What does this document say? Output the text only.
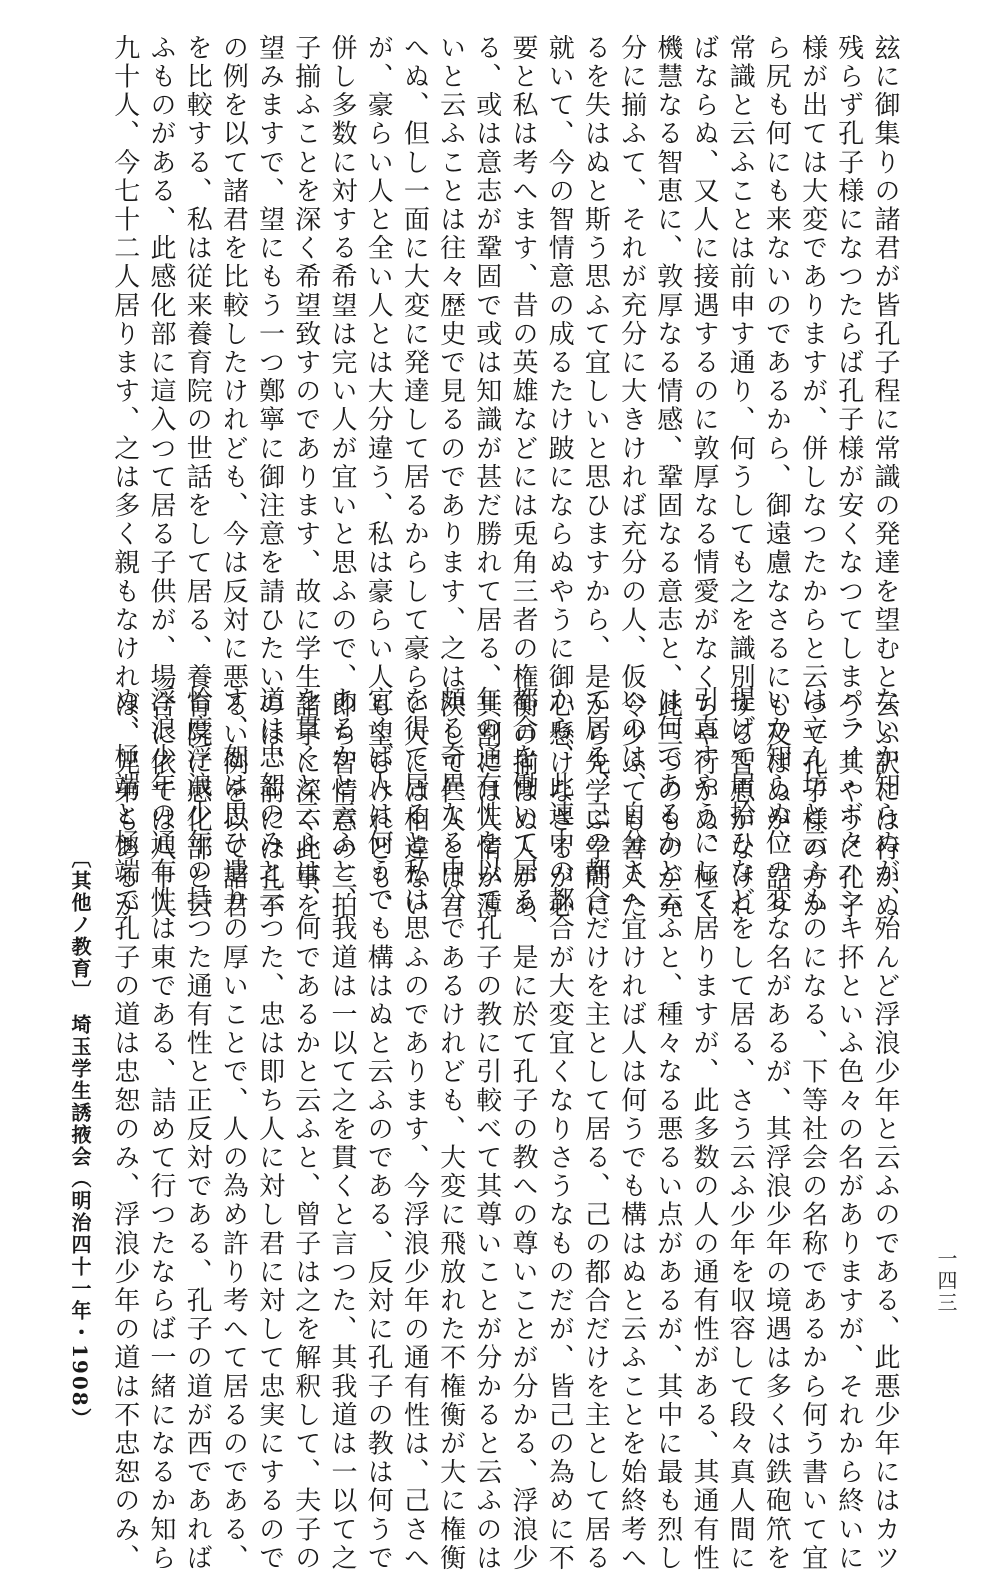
玆に御集りの諸君が皆孔子程に常識の発達を望むと云ふ訳には行かぬ
残らず孔子様になつたらば孔子様が安くなつてしまう、其やうに孔子
様が出ては大変でありますが、併しなつたからと云つて孔子様の方か
ら尻も何にも来ないのであるから、御遠慮なさるにも及ばぬが、詰り
常識と云ふことは前申す通り、何うしても之を識別する智恵がなけれ
ばならぬ、又人に接遇するのに敦厚なる情愛がなくちや行かぬ、極く
機慧なる智恵に、敦厚なる情感、鞏固なる意志と、此三つのものが充
分に揃ふて、それが充分に大きければ充分の人、仮令少ふても善人た
るを失はぬと斯う思ふて宜しいと思ひますから、是から先学ぶ学問に
就いて、今の智情意の成るたけ跛にならぬやうに御心懸けなさるが必
要と私は考へます、昔の英雄などには兎角三者の権衡の揃はぬ人があ
る、或は意志が鞏固で或は知識が甚だ勝れて居る、其割には人情が薄
いと云ふことは往々歴史で見るのであります、之は決して仁人とは言
へぬ、但し一面に大変に発達して居るからして豪らい人には相違ない
が、豪らい人と全い人とは大分違う、私は豪らい人も望むけれども、
併し多数に対する希望は完い人が宜いと思ふので、即ち智情意の三拍
子揃ふことを深く希望致すのであります、故に学生諸子に深く此事を
望みますで、望にもう一つ鄭寧に御注意を請ひたいのは、前には孔子
の例を以て諸君を比較したけれども、今は反対に悪るい例を以て諸君
を比較する、私は従来養育院の世話をして居る、養育院に感化部と云
ふものがある、此感化部に這入つて居る子供が、場合に依ては八十人
九十人、今七十二人居ります、之は多く親もなければ、兄弟もあるか
ないか知らぬが、殆んど浮浪少年と云ふのである、此悪少年にはカツ
パライ・ボタハシキ抔といふ色々の名がありますが、それから終いに
は立ん坊と云ふものになる、下等社会の名称であるから何う書いて宜
いか知らぬ位の変な名があるが、其浮浪少年の境遇は多くは鉄砲笊を
提げて屑拾ひなどをして居る、さう云ふ少年を収容して段々真人間に
引直すやうにして居りますが、此多数の人の通有性がある、其通有性
は何であるかと云ふと、種々なる悪るい点があるが、其中に最も烈し
いのは、自分さへ宜ければ人は何うでも構はぬと云ふことを始終考へ
て居る、己の都合だけを主として居る、己の都合だけを主として居る
から、此連中の都合が大変宜くなりさうなものだが、皆己の為めに不
都合を働いて居る、是に於て孔子の教への尊いことが分かる、浮浪少
年の通有性を以て孔子の教に引較べて其尊いことが分かると云ふのは
頗る奇異なる申分であるけれども、大変に飛放れた不権衡が大に権衡
を得て居ると私は思ふのであります、今浮浪少年の通有性は、己さへ
宜くば人は何うでも構はぬと云ふのである、反対に孔子の教は何うで
あるかと云ふと、我道は一以て之を貫くと言つた、其我道は一以て之
を貫くと云ふは、何であるかと云ふと、曾子は之を解釈して、夫子の
道は忠恕のみと云つた、忠は即ち人に対し君に対して忠実にするので
す、恕は思ひ遣りの厚いことで、人の為め許り考へて居るのである、
恰度浮浪少年の持つた通有性と正反対である、孔子の道が西であれば
浮浪少年の通有性は東である、詰めて行つたならば一緒になるか知ら
ぬ、極端と極端で孔子の道は忠恕のみ、浮浪少年の道は不忠恕のみ、
〔其他ノ教育〕　埼玉学生誘掖会（明治四十一年・1908）	一四三
